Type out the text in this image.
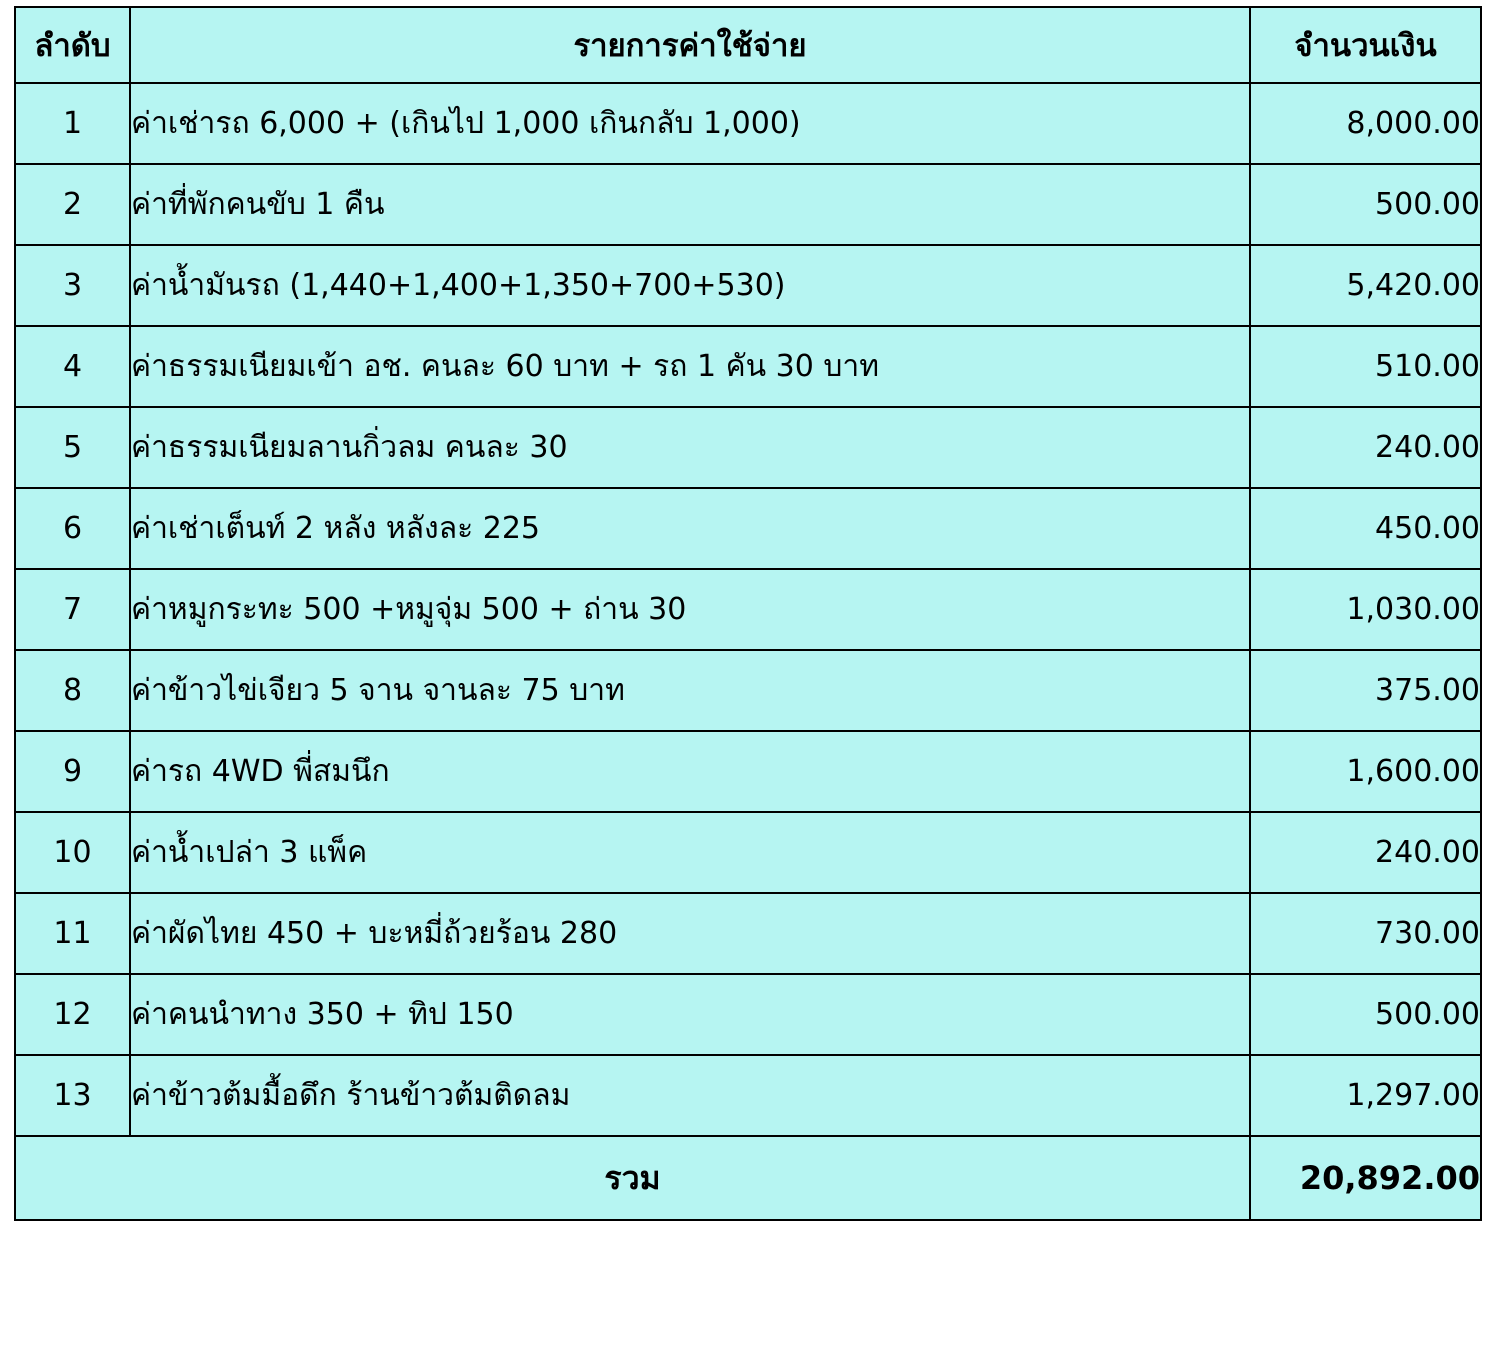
ลำดับ	รายการค่าใช้จ่าย	จำนวนเงิน
1	ค่าเช่ารถ 6,000 + (เกินไป 1,000 เกินกลับ 1,000)	8,000.00
2	ค่าที่พักคนขับ 1 คืน	500.00
3	ค่าน้ำมันรถ (1,440+1,400+1,350+700+530)	5,420.00
4	ค่าธรรมเนียมเข้า อช. คนละ 60 บาท + รถ 1 คัน 30 บาท	510.00
5	ค่าธรรมเนียมลานกิ่วลม คนละ 30	240.00
6	ค่าเช่าเต็นท์ 2 หลัง หลังละ 225	450.00
7	ค่าหมูกระทะ 500 +หมูจุ่ม 500 + ถ่าน 30	1,030.00
8	ค่าข้าวไข่เจียว 5 จาน จานละ 75 บาท	375.00
9	ค่ารถ 4WD พี่สมนึก	1,600.00
10	ค่าน้ำเปล่า 3 แพ็ค	240.00
11	ค่าผัดไทย 450 + บะหมี่ถ้วยร้อน 280	730.00
12	ค่าคนนำทาง 350 + ทิป 150	500.00
13	ค่าข้าวต้มมื้อดึก ร้านข้าวต้มติดลม	1,297.00
รวม		20,892.00
